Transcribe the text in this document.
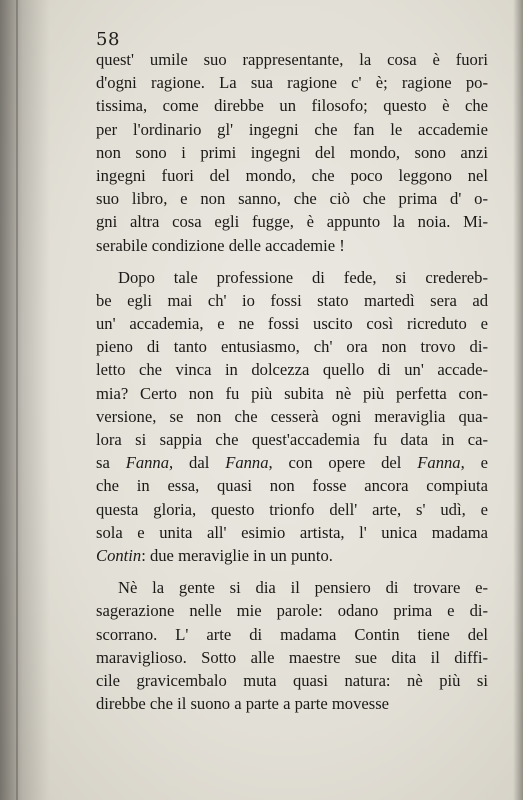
58
quest' umile suo rappresentante, la cosa è fuori
d'ogni ragione. La sua ragione c' è; ragione po-
tissima, come direbbe un filosofo; questo è che
per l'ordinario gl' ingegni che fan le accademie
non sono i primi ingegni del mondo, sono anzi
ingegni fuori del mondo, che poco leggono nel
suo libro, e non sanno, che ciò che prima d' o-
gni altra cosa egli fugge, è appunto la noia. Mi-
serabile condizione delle accademie !
Dopo tale professione di fede, si credereb-
be egli mai ch' io fossi stato martedì sera ad
un' accademia, e ne fossi uscito così ricreduto e
pieno di tanto entusiasmo, ch' ora non trovo di-
letto che vinca in dolcezza quello di un' accade-
mia? Certo non fu più subita nè più perfetta con-
versione, se non che cesserà ogni meraviglia qua-
lora si sappia che quest'accademia fu data in ca-
sa Fanna, dal Fanna, con opere del Fanna, e
che in essa, quasi non fosse ancora compiuta
questa gloria, questo trionfo dell' arte, s' udì, e
sola e unita all' esimio artista, l' unica madama
Contin: due meraviglie in un punto.
Nè la gente si dia il pensiero di trovare e-
sagerazione nelle mie parole: odano prima e di-
scorrano. L' arte di madama Contin tiene del
maraviglioso. Sotto alle maestre sue dita il diffi-
cile gravicembalo muta quasi natura: nè più si
direbbe che il suono a parte a parte movesse
